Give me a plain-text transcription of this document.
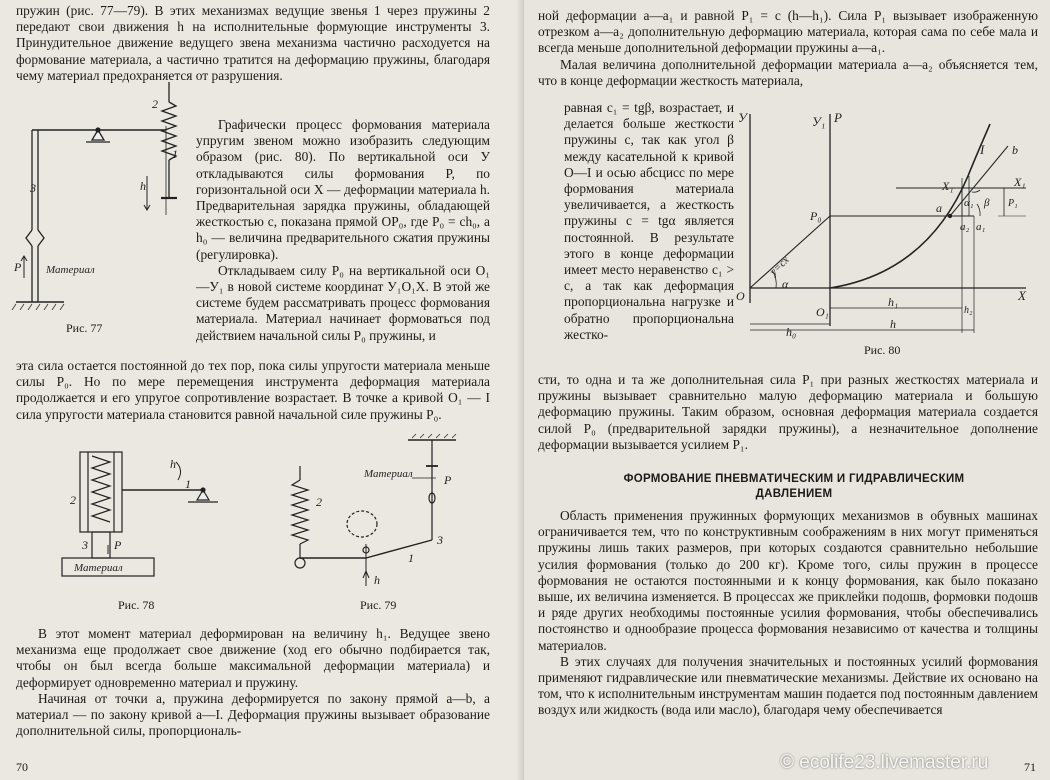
пружин (рис. 77—79). В этих механизмах ведущие звенья 1 через пружины 2 передают свои движения h на исполнительные формующие инструменты 3. Принудительное движение ведущего звена механизма частично расходуется на формование материала, а частично тратится на деформацию пружины, благодаря чему материал предохраняется от разрушения.

2
1
h
3
P Материал
Рис. 77

Графически процесс формования материала упругим звеном можно изобразить следующим образом (рис. 80). По вертикальной оси У откладываются силы формования P, по горизонтальной оси X — деформации материала h. Предварительная зарядка пружины, обладающей жесткостью c, показана прямой OP₀, где P₀ = ch₀, а h₀ — величина предварительного сжатия пружины (регулировка).

Откладываем силу P₀ на вертикальной оси O₁—У₁ в новой системе координат У₁O₁X. В этой же системе будем рассматривать процесс формования материала. Материал начинает формоваться под действием начальной силы P₀ пружины, и

эта сила остается постоянной до тех пор, пока силы упругости материала меньше силы P₀. Но по мере перемещения инструмента деформация материала продолжается и его упругое сопротивление возрастает. В точке a кривой O₁ — I сила упругости материала становится равной начальной силе пружины P₀.

h
1
2
3 P
Материал
Рис. 78
Материал	P
2
1
3
h
Рис. 79

В этот момент материал деформирован на величину h₁. Ведущее звено механизма еще продолжает свое движение (ход его обычно подбирается так, чтобы он был всегда больше максимальной деформации материала) и деформирует одновременно материал и пружину.

Начиная от точки a, пружина деформируется по закону прямой a—b, а материал — по закону кривой a—I. Деформация пружины вызывает образование дополнительной силы, пропорциональ-

70

ной деформации a—a₁ и равной P₁ = c (h—h₁). Сила P₁ вызывает изображенную отрезком a—a₂ дополнительную деформацию материала, которая сама по себе мала и всегда меньше дополнительной деформации пружины a—a₁.

Малая величина дополнительной деформации материала a—a₂ объясняется тем, что в конце деформации жесткость материала,

равная c₁ = tgβ, возрастает, и делается больше жесткости пружины c, так как угол β между касательной к кривой O—I и осью абсцисс по мере формования материала увеличивается, а жесткость пружины c = tgα является постоянной. В результате этого в конце деформации имеет место неравенство c₁ > c, а так как деформация пропорциональна нагрузке и обратно пропорциональна жестко-

У	У₁ P
I b
X₁	X₁
a
a₁
a₂
α₁
α
β P₁
P₀
y=cx
O
O₁
X
h₁
h₀
h
h₂
Рис. 80

сти, то одна и та же дополнительная сила P₁ при разных жесткостях материала и пружины вызывает сравнительно малую деформацию материала и большую деформацию пружины. Таким образом, основная деформация материала создается силой P₀ (предварительной зарядки пружины), а незначительное дополнение деформации вызывается усилием P₁.

ФОРМОВАНИЕ ПНЕВМАТИЧЕСКИМ И ГИДРАВЛИЧЕСКИМ ДАВЛЕНИЕМ

Область применения пружинных формующих механизмов в обувных машинах ограничивается тем, что по конструктивным соображениям в них могут применяться пружины лишь таких размеров, при которых создаются сравнительно небольшие усилия формования (только до 200 кг). Кроме того, силы пружин в процессе формования не остаются постоянными и к концу формования, как было показано выше, их величина изменяется. В процессах же приклейки подошв, формовки подошв и ряде других необходимы постоянные усилия формования, чтобы обеспечивались постоянство и однообразие процесса формования независимо от качества и толщины материалов.

В этих случаях для получения значительных и постоянных усилий формования применяют гидравлические или пневматические механизмы. Действие их основано на том, что к исполнительным инструментам машин подается под постоянным давлением воздух или жидкость (вода или масло), благодаря чему обеспечивается

© ecolife23.livemaster.ru	71
